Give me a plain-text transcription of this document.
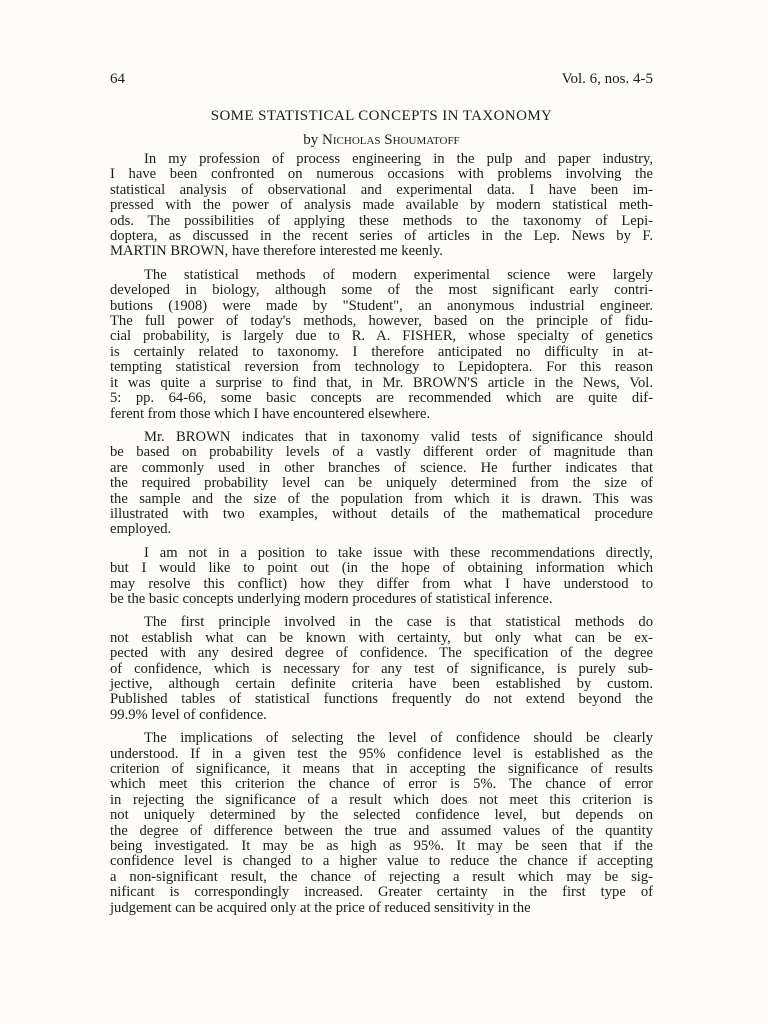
64	Vol. 6, nos. 4-5
SOME STATISTICAL CONCEPTS IN TAXONOMY
by Nicholas Shoumatoff

In my profession of process engineering in the pulp and paper industry,
I have been confronted on numerous occasions with problems involving the
statistical analysis of observational and experimental data. I have been im-
pressed with the power of analysis made available by modern statistical meth-
ods. The possibilities of applying these methods to the taxonomy of Lepi-
doptera, as discussed in the recent series of articles in the Lep. News by F.
MARTIN BROWN, have therefore interested me keenly.

The statistical methods of modern experimental science were largely
developed in biology, although some of the most significant early contri-
butions (1908) were made by "Student", an anonymous industrial engineer.
The full power of today's methods, however, based on the principle of fidu-
cial probability, is largely due to R. A. FISHER, whose specialty of genetics
is certainly related to taxonomy. I therefore anticipated no difficulty in at-
tempting statistical reversion from technology to Lepidoptera. For this reason
it was quite a surprise to find that, in Mr. BROWN'S article in the News, Vol.
5: pp. 64-66, some basic concepts are recommended which are quite dif-
ferent from those which I have encountered elsewhere.

Mr. BROWN indicates that in taxonomy valid tests of significance should
be based on probability levels of a vastly different order of magnitude than
are commonly used in other branches of science. He further indicates that
the required probability level can be uniquely determined from the size of
the sample and the size of the population from which it is drawn. This was
illustrated with two examples, without details of the mathematical procedure
employed.

I am not in a position to take issue with these recommendations directly,
but I would like to point out (in the hope of obtaining information which
may resolve this conflict) how they differ from what I have understood to
be the basic concepts underlying modern procedures of statistical inference.

The first principle involved in the case is that statistical methods do
not establish what can be known with certainty, but only what can be ex-
pected with any desired degree of confidence. The specification of the degree
of confidence, which is necessary for any test of significance, is purely sub-
jective, although certain definite criteria have been established by custom.
Published tables of statistical functions frequently do not extend beyond the
99.9% level of confidence.

The implications of selecting the level of confidence should be clearly
understood. If in a given test the 95% confidence level is established as the
criterion of significance, it means that in accepting the significance of results
which meet this criterion the chance of error is 5%. The chance of error
in rejecting the significance of a result which does not meet this criterion is
not uniquely determined by the selected confidence level, but depends on
the degree of difference between the true and assumed values of the quantity
being investigated. It may be as high as 95%. It may be seen that if the
confidence level is changed to a higher value to reduce the chance if accepting
a non-significant result, the chance of rejecting a result which may be sig-
nificant is correspondingly increased. Greater certainty in the first type of
judgement can be acquired only at the price of reduced sensitivity in the
